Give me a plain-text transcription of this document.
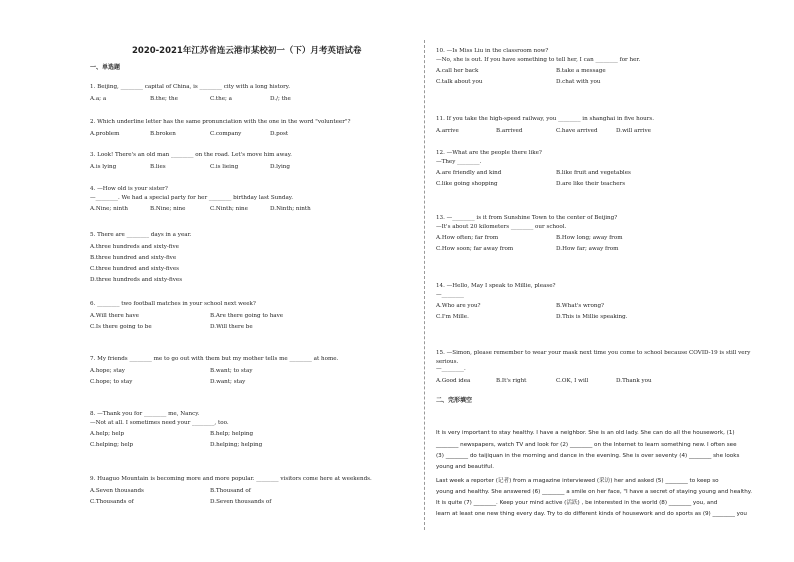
2020-2021年江苏省连云港市某校初一（下）月考英语试卷
一、单选题
二、完形填空
1. Beijing, ________ capital of China, is ________ city with a long history.
A.a; a	B.the; the	C.the; a	D./; the
2. Which underline letter has the same pronunciation with the one in the word "volunteer"?
A.problem	B.broken	C.company	D.post
3. Look! There's an old man ________ on the road. Let's move him away.
A.is lying	B.lies	C.is lieing	D.lying
4. —How old is your sister?
—________. We had a special party for her ________ birthday last Sunday.
A.Nine; ninth	B.Nine; nine	C.Ninth; nine	D.Ninth; ninth
5. There are ________ days in a year.
A.three hundreds and sixty-five
B.three hundred and sixty-five
C.three hundred and sixty-fives
D.three hundreds and sixty-fives
6. ________ two football matches in your school next week?
A.Will there have	B.Are there going to have
C.Is there going to be	D.Will there be
7. My friends ________ me to go out with them but my mother tells me ________ at home.
A.hope; stay	B.want; to stay
C.hope; to stay	D.want; stay
8. —Thank you for ________ me, Nancy.
—Not at all. I sometimes need your ________, too.
A.help; help	B.help; helping
C.helping; help	D.helping; helping
9. Huaguo Mountain is becoming more and more popular. ________ visitors come here at weekends.
A.Seven thousands	B.Thousand of
C.Thousands of	D.Seven thousands of
10. —Is Miss Liu in the classroom now?
—No, she is out. If you have something to tell her, I can ________ for her.
A.call her back	B.take a message
C.talk about you	D.chat with you
11. If you take the high-speed railway, you ________ in shanghai in five hours.
A.arrive	B.arrived	C.have arrived	D.will arrive
12. —What are the people there like?
—They ________.
A.are friendly and kind	B.like fruit and vegetables
C.like going shopping	D.are like their teachers
13. —________ is it from Sunshine Town to the center of Beijing?
—It's about 20 kilometers ________ our school.
A.How often; far from	B.How long; away from
C.How soon; far away from	D.How far; away from
14. —Hello, May I speak to Millie, please?
—________
A.Who are you?	B.What's wrong?
C.I'm Mille.	D.This is Millie speaking.
15. —Simon, please remember to wear your mask next time you come to school because COVID-19 is still very
serious.
—________.
A.Good idea	B.It's right	C.OK, I will	D.Thank you
It is very important to stay healthy. I have a neighbor. She is an old lady. She can do all the housework, (1)
________ newspapers, watch TV and look for (2) ________ on the Internet to learn something new. I often see
(3) ________ do taijiquan in the morning and dance in the evening. She is over seventy (4) ________ she looks
young and beautiful.
Last week a reporter (记者) from a magazine interviewed (采访) her and asked (5) ________ to keep so
young and healthy. She answered (6) ________ a smile on her face, "I have a secret of staying young and healthy.
It is quite (7) ________. Keep your mind active (活跃) , be interested in the world (8) ________ you, and
learn at least one new thing every day. Try to do different kinds of housework and do sports as (9) ________ you
